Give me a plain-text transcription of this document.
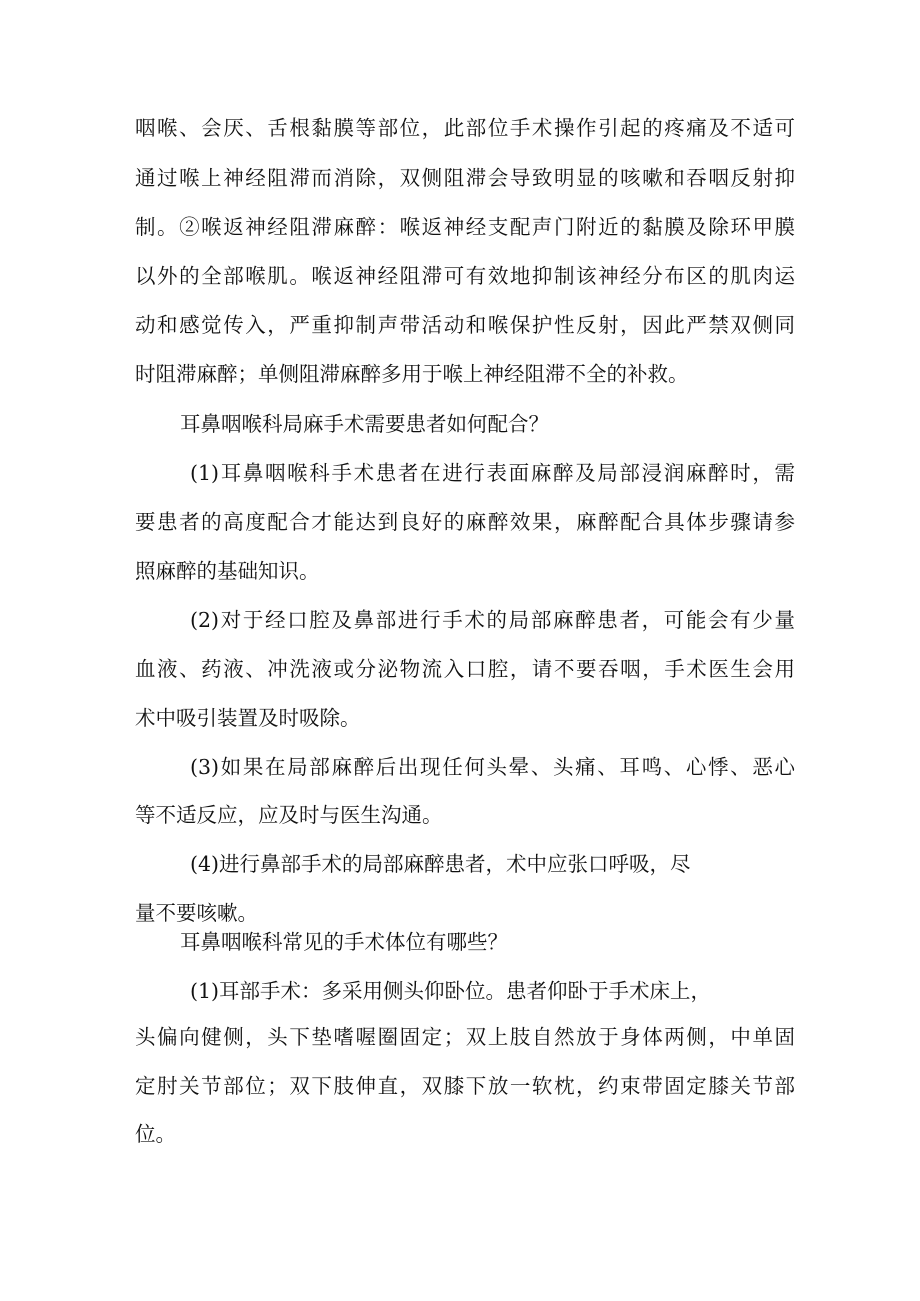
咽喉、会厌、舌根黏膜等部位，此部位手术操作引起的疼痛及不适可
通过喉上神经阻滞而消除，双侧阻滞会导致明显的咳嗽和吞咽反射抑
制。②喉返神经阻滞麻醉：喉返神经支配声门附近的黏膜及除环甲膜
以外的全部喉肌。喉返神经阻滞可有效地抑制该神经分布区的肌肉运
动和感觉传入，严重抑制声带活动和喉保护性反射，因此严禁双侧同
时阻滞麻醉；单侧阻滞麻醉多用于喉上神经阻滞不全的补救。
耳鼻咽喉科局麻手术需要患者如何配合？
(1)耳鼻咽喉科手术患者在进行表面麻醉及局部浸润麻醉时，需
要患者的高度配合才能达到良好的麻醉效果，麻醉配合具体步骤请参
照麻醉的基础知识。
(2)对于经口腔及鼻部进行手术的局部麻醉患者，可能会有少量
血液、药液、冲洗液或分泌物流入口腔，请不要吞咽，手术医生会用
术中吸引装置及时吸除。
(3)如果在局部麻醉后出现任何头晕、头痛、耳鸣、心悸、恶心
等不适反应，应及时与医生沟通。
(4)进行鼻部手术的局部麻醉患者，术中应张口呼吸，尽
量不要咳嗽。
耳鼻咽喉科常见的手术体位有哪些？
(1)耳部手术：多采用侧头仰卧位。患者仰卧于手术床上，
头偏向健侧，头下垫嗜喔圈固定；双上肢自然放于身体两侧，中单固
定肘关节部位；双下肢伸直，双膝下放一软枕，约束带固定膝关节部
位。
